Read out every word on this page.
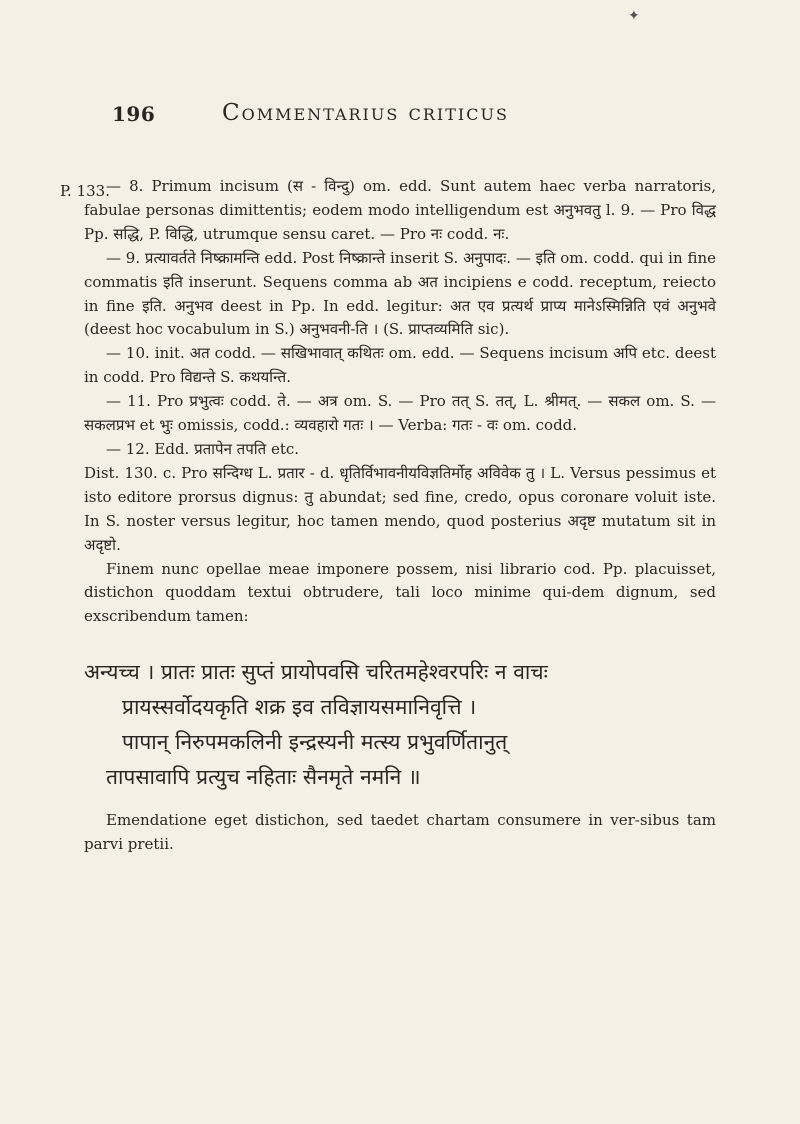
✦
196	Commentarius criticus
P. 133.

— 8. Primum incisum (स - विन्दु) om. edd. Sunt autem haec verba narratoris, fabulae personas dimittentis; eodem modo intelligendum est अनुभवतु l. 9. — Pro विद्ध Pp. सद्धि, P. विद्धि, utrumque sensu caret. — Pro नः codd. नः.

— 9. प्रत्यावर्तते निष्क्रामन्ति edd. Post निष्क्रान्ते inserit S. अनुपादः. — इति om. codd. qui in fine commatis इति inserunt. Sequens comma ab अत incipiens e codd. receptum, reiecto in fine इति. अनुभव deest in Pp. In edd. legitur: अत एव प्रत्यर्थ प्राप्य मानेऽस्मिन्निति एवं अनुभवे (deest hoc vocabulum in S.) अनुभवनी-ति । (S. प्राप्तव्यमिति sic).

— 10. init. अत codd. — सखिभावात् कथितः om. edd. — Sequens incisum अपि etc. deest in codd. Pro विद्यन्ते S. कथयन्ति.

— 11. Pro प्रभुत्वः codd. ते. — अत्र om. S. — Pro तत् S. तत्, L. श्रीमत्. — सकल om. S. — सकलप्रभ et भुः omissis, codd.: व्यवहारो गतः । — Verba: गतः - वः om. codd.

— 12. Edd. प्रतापेन तपति etc.

Dist. 130. c. Pro सन्दिग्ध L. प्रतार - d. धृतिर्विभावनीयविज्ञतिर्मोह अविवेक तु । L. Versus pessimus et isto editore prorsus dignus: तु abundat; sed fine, credo, opus coronare voluit iste. In S. noster versus legitur, hoc tamen mendo, quod posterius अदृष्ट mutatum sit in अदृष्टो.

Finem nunc opellae meae imponere possem, nisi librario cod. Pp. placuisset, distichon quoddam textui obtrudere, tali loco minime qui-dem dignum, sed exscribendum tamen:

अन्यच्च । प्रातः प्रातः सुप्तं प्रायोपवसि चरितमहेश्वरपरिः न वाचः
प्रायस्सर्वोदयकृति शक्र इव तविज्ञायसमानिवृत्ति ।
पापान् निरुपमकलिनी इन्द्रस्यनी मत्स्य प्रभुवर्णितानुत्
तापसावापि प्रत्युच नहिताः सैनमृते नमनि ॥

Emendatione eget distichon, sed taedet chartam consumere in ver-sibus tam parvi pretii.
